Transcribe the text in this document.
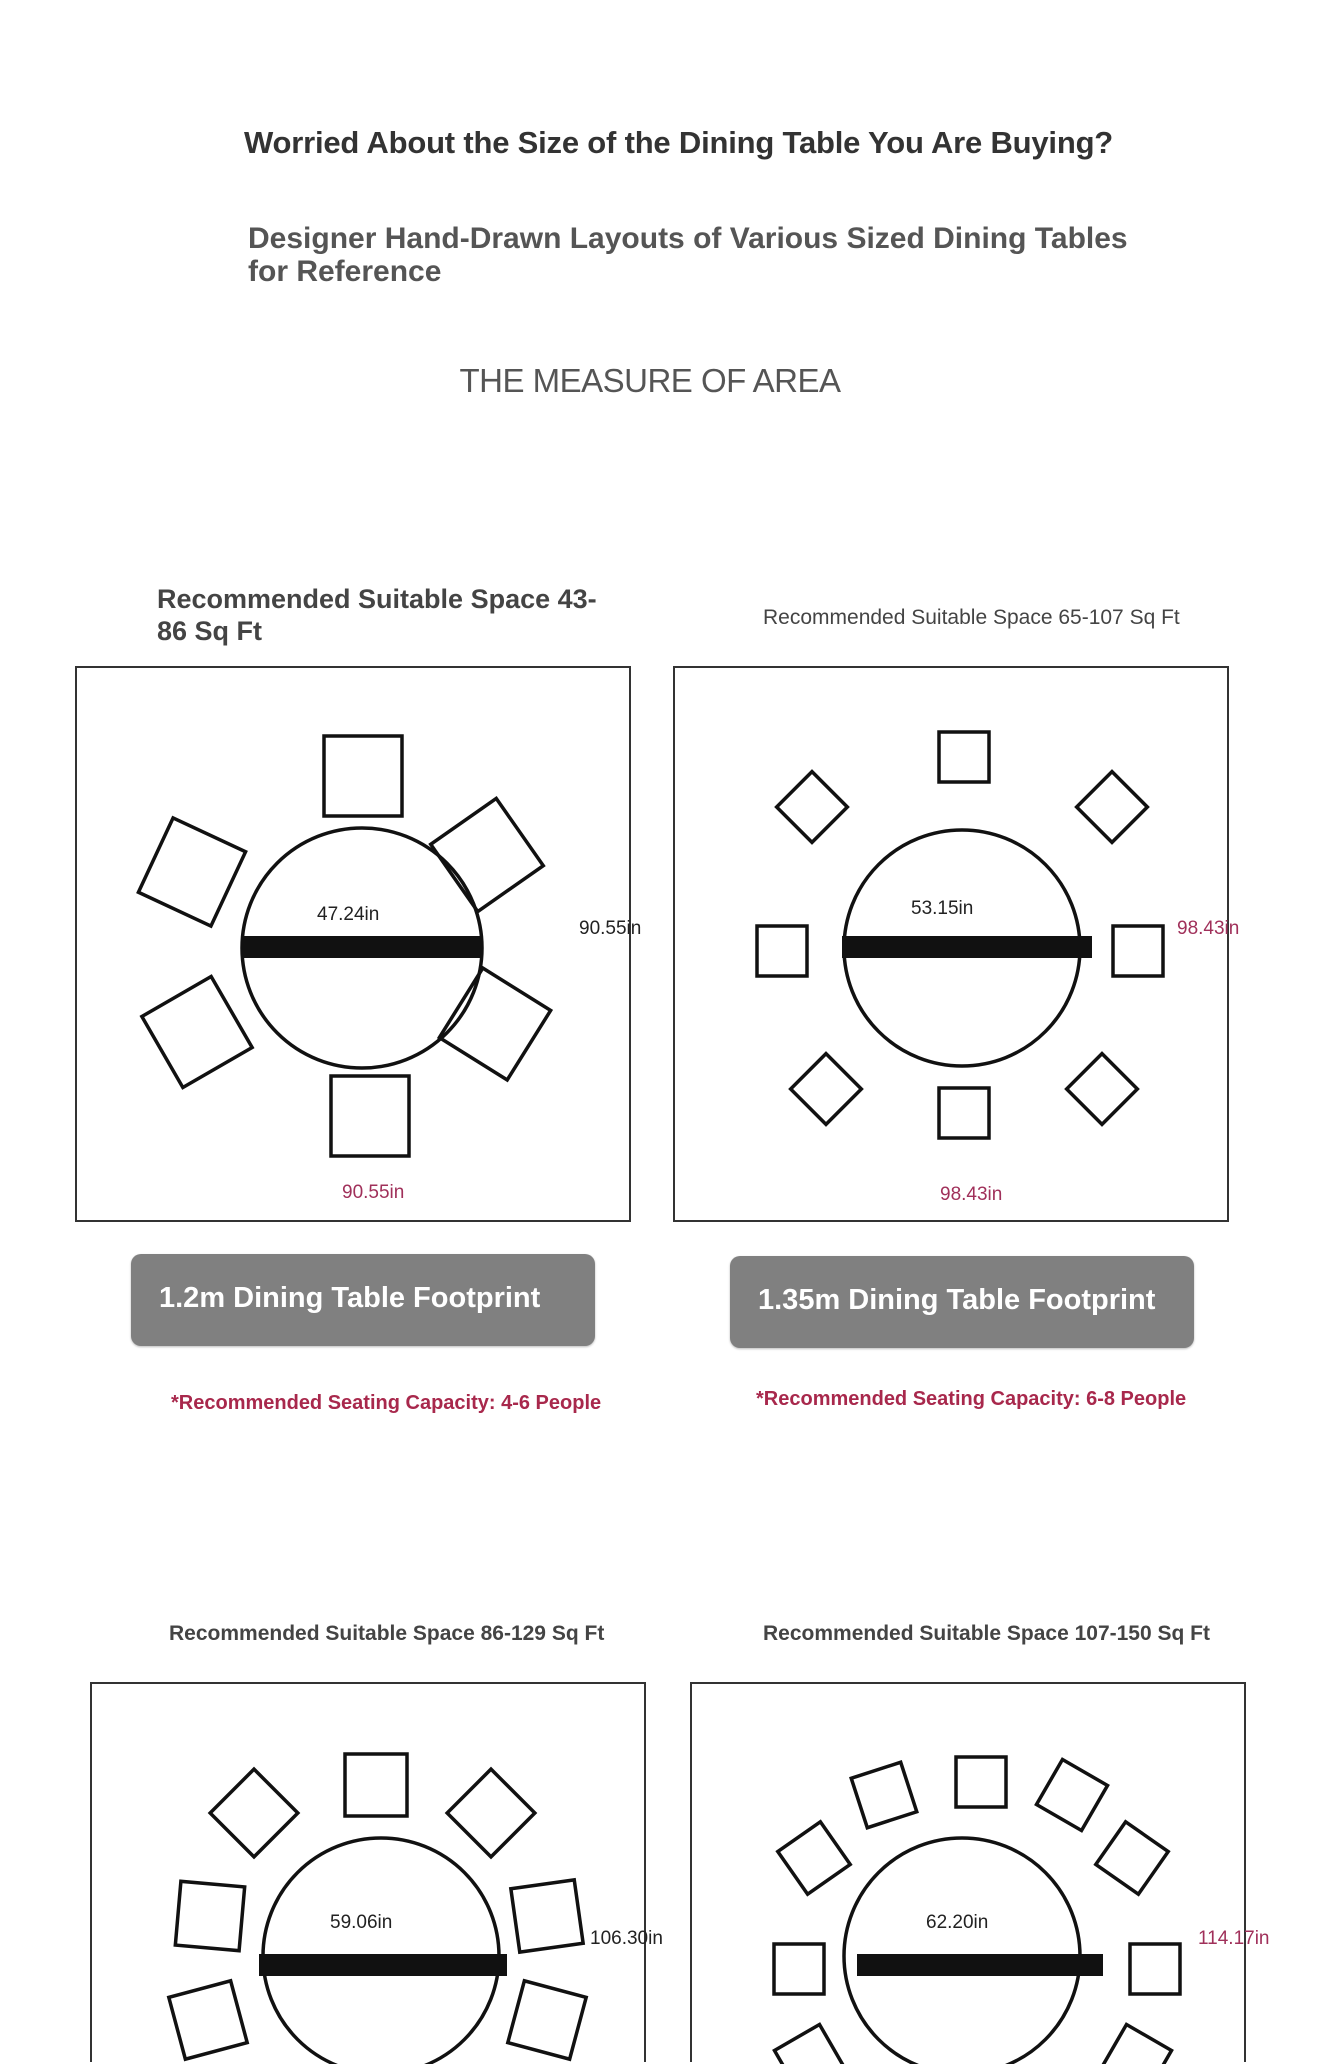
Worried About the Size of the Dining Table You Are Buying?
Designer Hand-Drawn Layouts of Various Sized Dining Tables for Reference
THE MEASURE OF AREA
Recommended Suitable Space 43-86 Sq Ft
47.24in
90.55in
90.55in
1.2m Dining Table Footprint
*Recommended Seating Capacity: 4-6 People
Recommended Suitable Space 65-107 Sq Ft
53.15in
98.43in
98.43in
1.35m Dining Table Footprint
*Recommended Seating Capacity: 6-8 People
Recommended Suitable Space 86-129 Sq Ft
59.06in
106.30in
Recommended Suitable Space 107-150 Sq Ft
62.20in
114.17in
